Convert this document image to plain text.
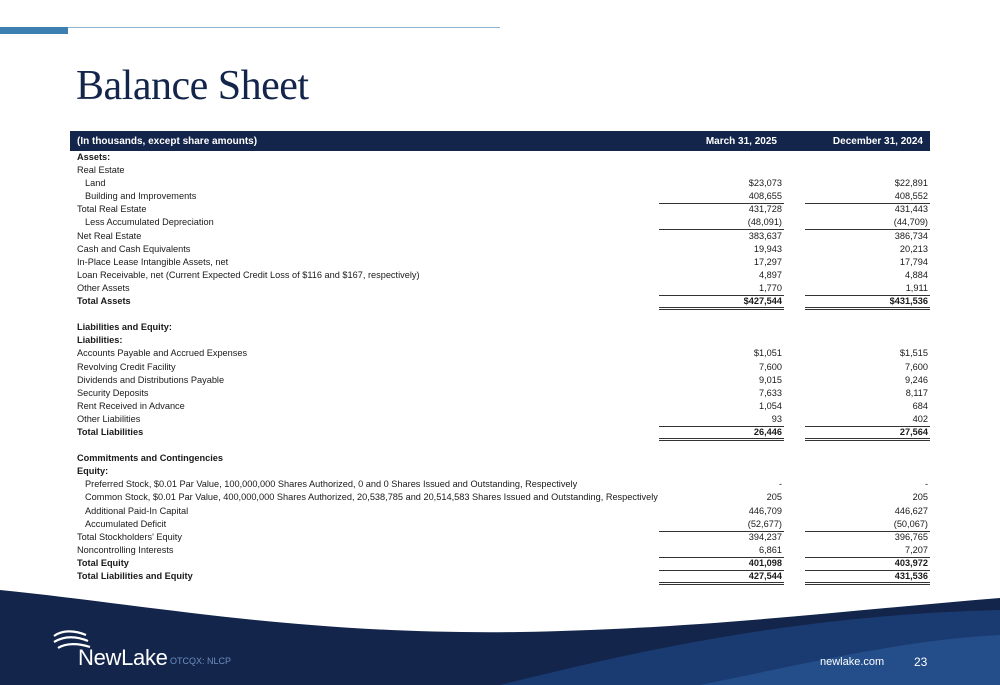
Balance Sheet
(In thousands, except share amounts)	March 31, 2025	December 31, 2024
Assets:
Real Estate
Land	$23,073	$22,891
Building and Improvements	408,655	408,552
Total Real Estate	431,728	431,443
Less Accumulated Depreciation	(48,091)	(44,709)
Net Real Estate	383,637	386,734
Cash and Cash Equivalents	19,943	20,213
In-Place Lease Intangible Assets, net	17,297	17,794
Loan Receivable, net (Current Expected Credit Loss of $116 and $167, respectively)	4,897	4,884
Other Assets	1,770	1,911
Total Assets	$427,544	$431,536
Liabilities and Equity:
Liabilities:
Accounts Payable and Accrued Expenses	$1,051	$1,515
Revolving Credit Facility	7,600	7,600
Dividends and Distributions Payable	9,015	9,246
Security Deposits	7,633	8,117
Rent Received in Advance	1,054	684
Other Liabilities	93	402
Total Liabilities	26,446	27,564
Commitments and Contingencies
Equity:
Preferred Stock, $0.01 Par Value, 100,000,000 Shares Authorized, 0 and 0 Shares Issued and Outstanding, Respectively	-	-
Common Stock, $0.01 Par Value, 400,000,000 Shares Authorized, 20,538,785 and 20,514,583 Shares Issued and Outstanding, Respectively	205	205
Additional Paid-In Capital	446,709	446,627
Accumulated Deficit	(52,677)	(50,067)
Total Stockholders' Equity	394,237	396,765
Noncontrolling Interests	6,861	7,207
Total Equity	401,098	403,972
Total Liabilities and Equity	427,544	431,536
NewLake OTCQX: NLCP	newlake.com 23
